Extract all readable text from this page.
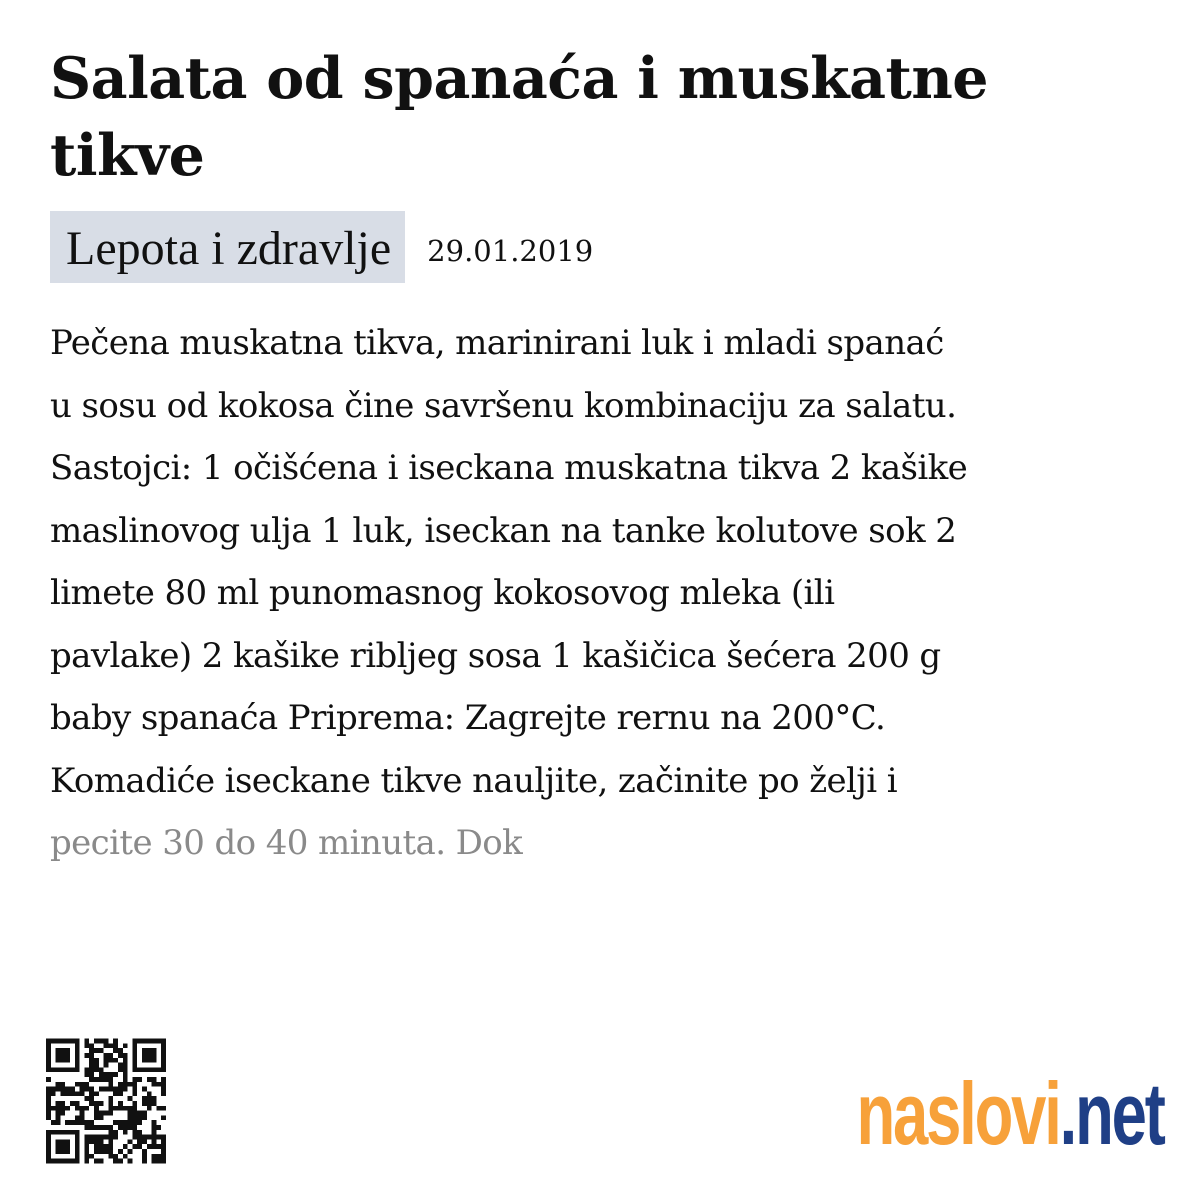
Salata od spanaća i muskatne tikve
Lepota i zdravlje	29.01.2019

Pečena muskatna tikva, marinirani luk i mladi spanać

u sosu od kokosa čine savršenu kombinaciju za salatu.

Sastojci: 1 očišćena i iseckana muskatna tikva 2 kašike

maslinovog ulja 1 luk, iseckan na tanke kolutove sok 2

limete 80 ml punomasnog kokosovog mleka (ili

pavlake) 2 kašike ribljeg sosa 1 kašičica šećera 200 g

baby spanaća Priprema: Zagrejte rernu na 200°C.

Komadiće iseckane tikve nauljite, začinite po želji i

pecite 30 do 40 minuta. Dok

naslovi.net
